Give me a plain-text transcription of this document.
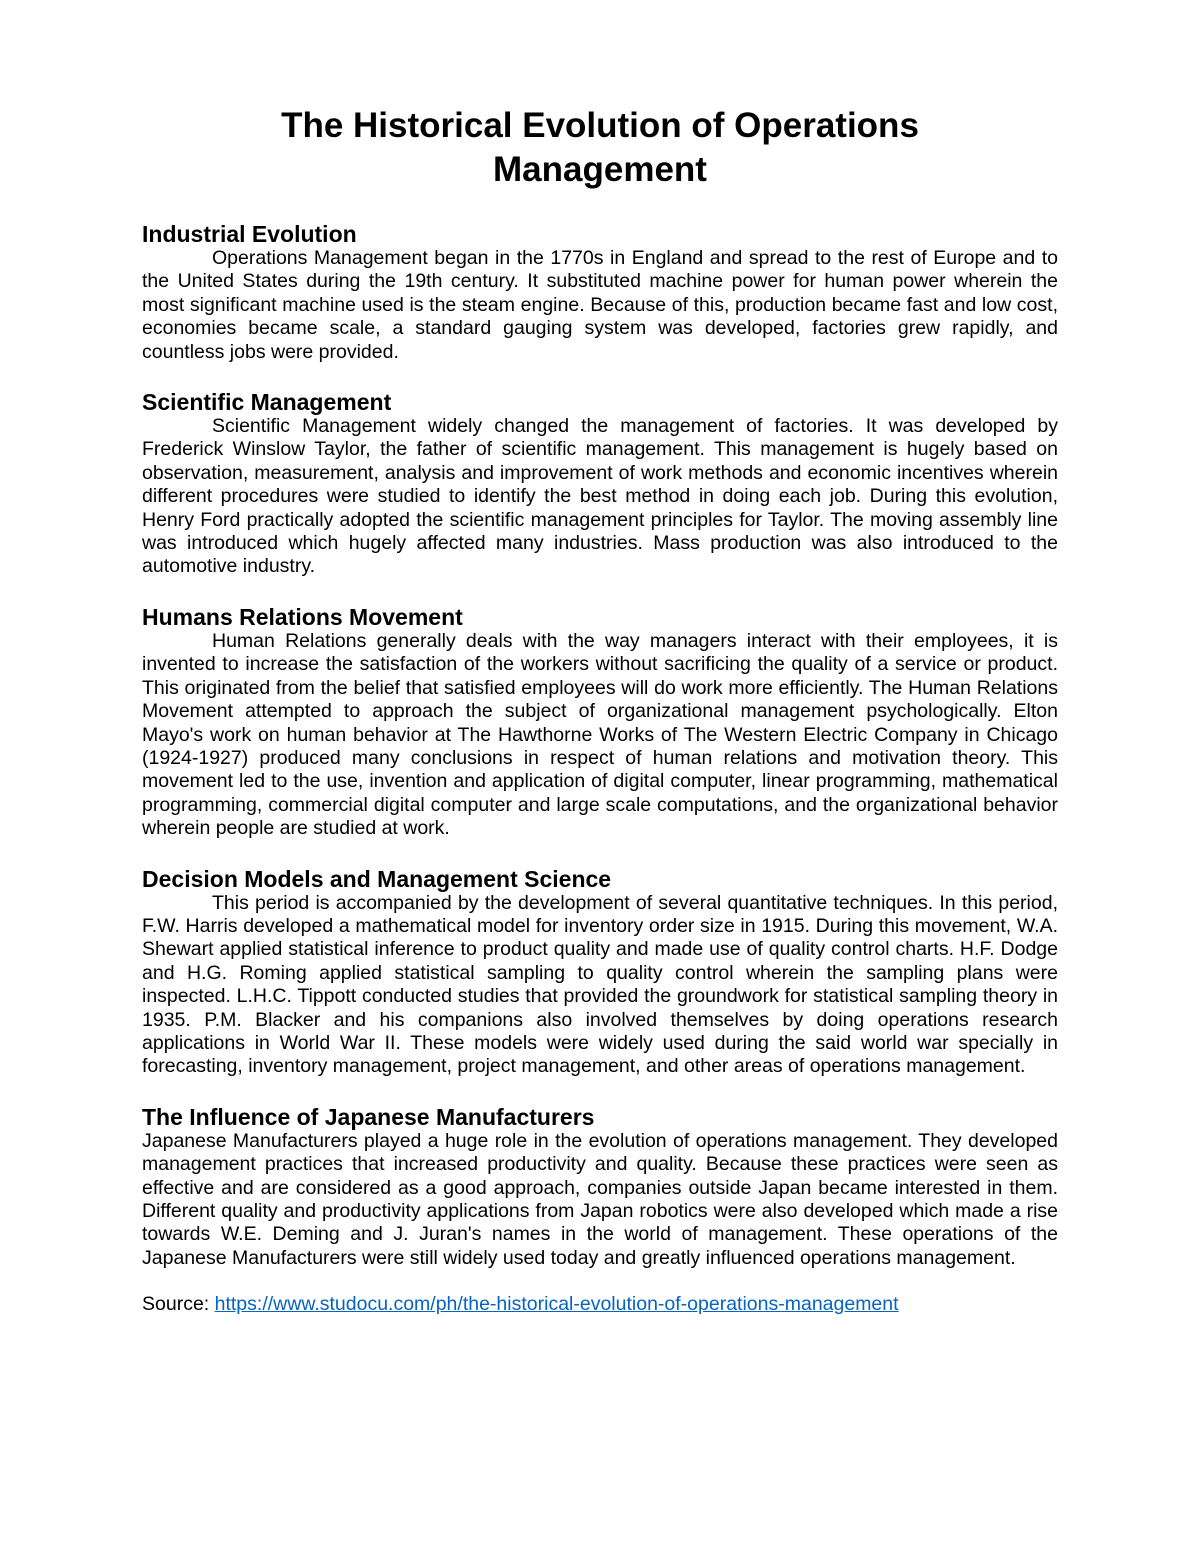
The Historical Evolution of Operations
Management
Industrial Evolution

Operations Management began in the 1770s in England and spread to the rest of Europe and to the United States during the 19th century. It substituted machine power for human power wherein the most significant machine used is the steam engine. Because of this, production became fast and low cost, economies became scale, a standard gauging system was developed, factories grew rapidly, and countless jobs were provided.

Scientific Management

Scientific Management widely changed the management of factories. It was developed by Frederick Winslow Taylor, the father of scientific management. This management is hugely based on observation, measurement, analysis and improvement of work methods and economic incentives wherein different procedures were studied to identify the best method in doing each job. During this evolution, Henry Ford practically adopted the scientific management principles for Taylor. The moving assembly line was introduced which hugely affected many industries. Mass production was also introduced to the automotive industry.

Humans Relations Movement

Human Relations generally deals with the way managers interact with their employees, it is invented to increase the satisfaction of the workers without sacrificing the quality of a service or product. This originated from the belief that satisfied employees will do work more efficiently. The Human Relations Movement attempted to approach the subject of organizational management psychologically. Elton Mayo's work on human behavior at The Hawthorne Works of The Western Electric Company in Chicago (1924-1927) produced many conclusions in respect of human relations and motivation theory. This movement led to the use, invention and application of digital computer, linear programming, mathematical programming, commercial digital computer and large scale computations, and the organizational behavior wherein people are studied at work.

Decision Models and Management Science

This period is accompanied by the development of several quantitative techniques. In this period, F.W. Harris developed a mathematical model for inventory order size in 1915. During this movement, W.A. Shewart applied statistical inference to product quality and made use of quality control charts. H.F. Dodge and H.G. Roming applied statistical sampling to quality control wherein the sampling plans were inspected. L.H.C. Tippott conducted studies that provided the groundwork for statistical sampling theory in 1935. P.M. Blacker and his companions also involved themselves by doing operations research applications in World War II. These models were widely used during the said world war specially in forecasting, inventory management, project management, and other areas of operations management.

The Influence of Japanese Manufacturers

Japanese Manufacturers played a huge role in the evolution of operations management. They developed management practices that increased productivity and quality. Because these practices were seen as effective and are considered as a good approach, companies outside Japan became interested in them. Different quality and productivity applications from Japan robotics were also developed which made a rise towards W.E. Deming and J. Juran's names in the world of management. These operations of the Japanese Manufacturers were still widely used today and greatly influenced operations management.

Source: https://www.studocu.com/ph/the-historical-evolution-of-operations-management
